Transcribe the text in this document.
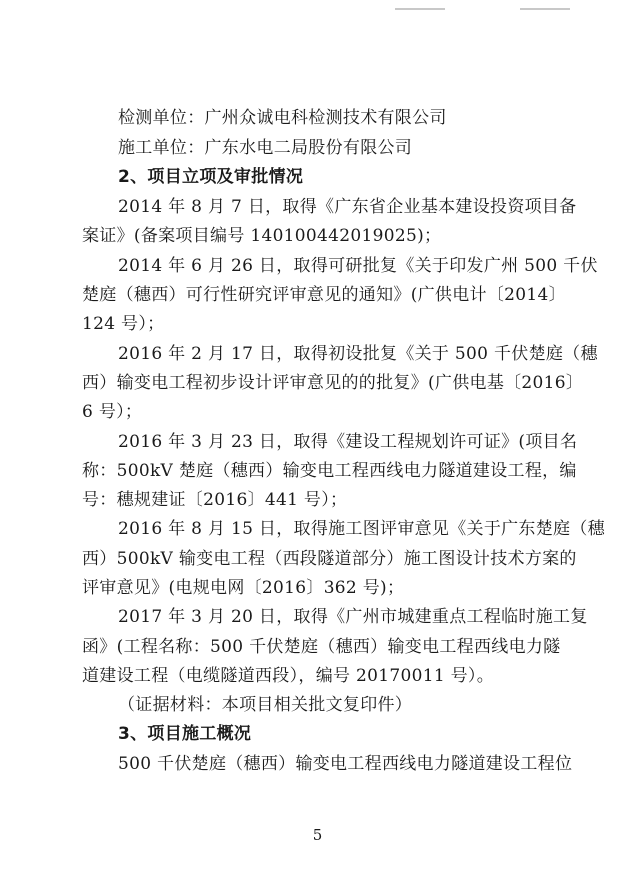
检测单位：广州众诚电科检测技术有限公司
施工单位：广东水电二局股份有限公司
2、项目立项及审批情况
2014 年 8 月 7 日，取得《广东省企业基本建设投资项目备
案证》(备案项目编号 140100442019025)；
2014 年 6 月 26 日，取得可研批复《关于印发广州 500 千伏
楚庭（穗西）可行性研究评审意见的通知》(广供电计〔2014〕
124 号）；
2016 年 2 月 17 日，取得初设批复《关于 500 千伏楚庭（穗
西）输变电工程初步设计评审意见的的批复》(广供电基〔2016〕
6 号）；
2016 年 3 月 23 日，取得《建设工程规划许可证》(项目名
称：500kV 楚庭（穗西）输变电工程西线电力隧道建设工程，编
号：穗规建证〔2016〕441 号）；
2016 年 8 月 15 日，取得施工图评审意见《关于广东楚庭（穗
西）500kV 输变电工程（西段隧道部分）施工图设计技术方案的
评审意见》(电规电网〔2016〕362 号)；
2017 年 3 月 20 日，取得《广州市城建重点工程临时施工复
函》(工程名称：500 千伏楚庭（穗西）输变电工程西线电力隧
道建设工程（电缆隧道西段），编号 20170011 号）。
（证据材料：本项目相关批文复印件）
3、项目施工概况
500 千伏楚庭（穗西）输变电工程西线电力隧道建设工程位
5
